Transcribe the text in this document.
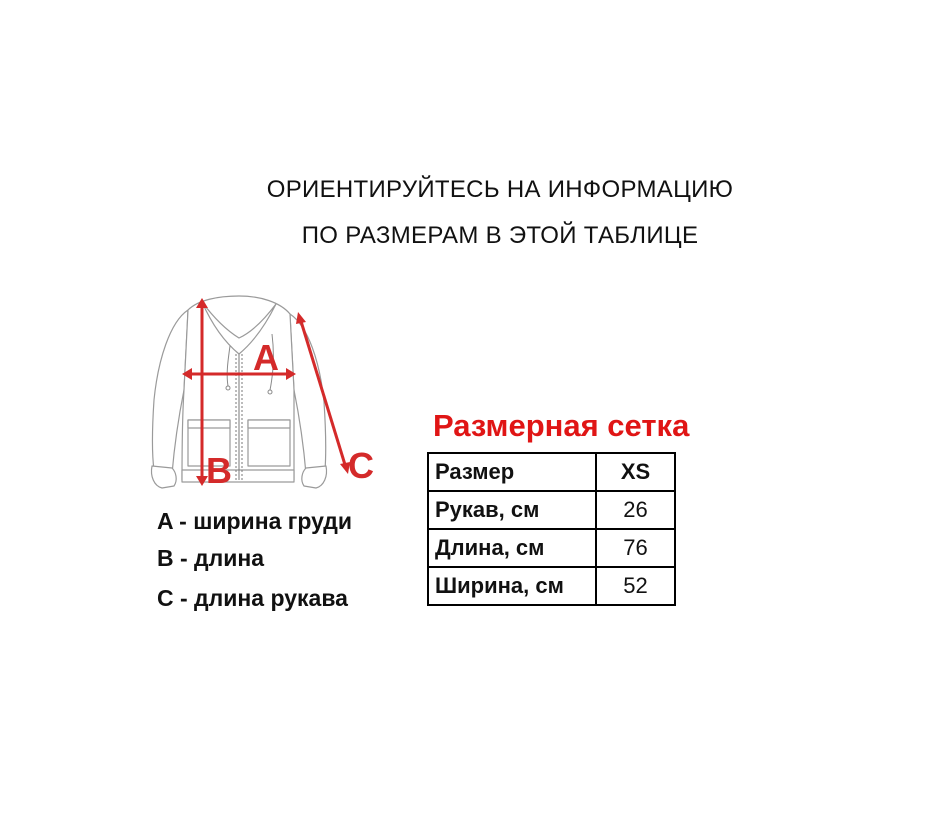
ОРИЕНТИРУЙТЕСЬ НА ИНФОРМАЦИЮ
ПО РАЗМЕРАМ В ЭТОЙ ТАБЛИЦЕ
A
B	C
A - ширина груди
B - длина
C - длина рукава
Размерная сетка
Размер	XS
Рукав, см	26
Длина, см	76
Ширина, см	52
